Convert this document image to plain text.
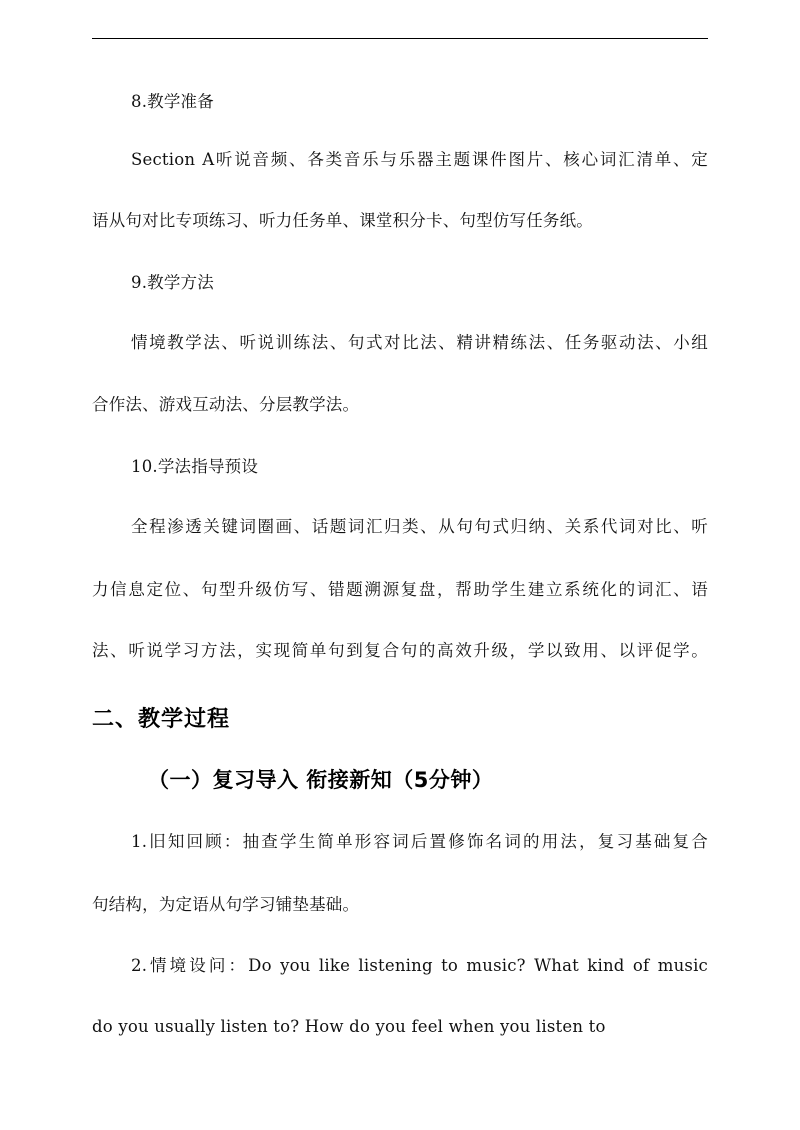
8.教学准备
Section A听说音频、各类音乐与乐器主题课件图片、核心词汇清单、定
语从句对比专项练习、听力任务单、课堂积分卡、句型仿写任务纸。
9.教学方法
情境教学法、听说训练法、句式对比法、精讲精练法、任务驱动法、小组
合作法、游戏互动法、分层教学法。
10.学法指导预设
全程渗透关键词圈画、话题词汇归类、从句句式归纳、关系代词对比、听
力信息定位、句型升级仿写、错题溯源复盘，帮助学生建立系统化的词汇、语
法、听说学习方法，实现简单句到复合句的高效升级，学以致用、以评促学。
二、教学过程
（一）复习导入 衔接新知（5分钟）
1.旧知回顾：抽查学生简单形容词后置修饰名词的用法，复习基础复合
句结构，为定语从句学习铺垫基础。
2.情境设问：Do you like listening to music? What kind of music
do you usually listen to? How do you feel when you listen to
